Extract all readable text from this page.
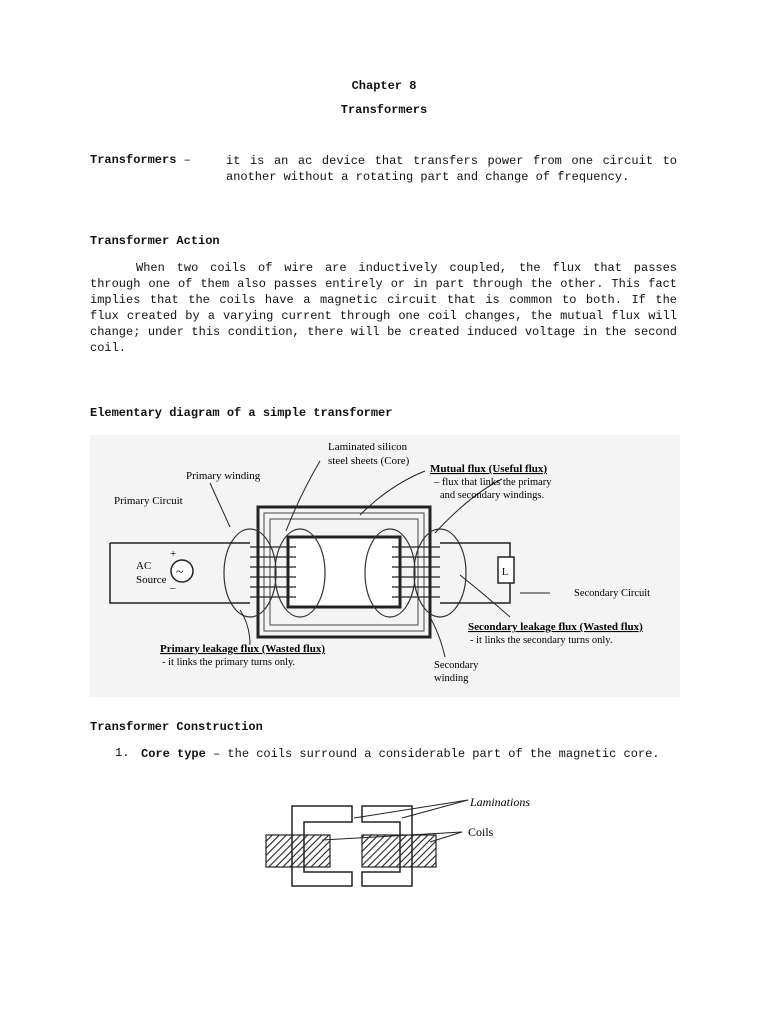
Chapter 8
Transformers
Transformers –	it is an ac device that transfers power from one circuit to another without a rotating part and change of frequency.
Transformer Action
When two coils of wire are inductively coupled, the flux that passes through one of them also passes entirely or in part through the other. This fact implies that the coils have a magnetic circuit that is common to both. If the flux created by a varying current through one coil changes, the mutual flux will change; under this condition, there will be created induced voltage in the second coil.
Elementary diagram of a simple transformer
~
+
–
Laminated silicon
steel sheets (Core)
Primary winding
Primary Circuit
AC
Source
Mutual flux (Useful flux)
– flux that links the primary
and secondary windings.
L
Secondary Circuit
Secondary leakage flux (Wasted flux)
- it links the secondary turns only.
Primary leakage flux (Wasted flux)
- it links the primary turns only.	Secondary
winding
Transformer Construction
1. Core type – the coils surround a considerable part of the magnetic core.
Laminations
Coils
